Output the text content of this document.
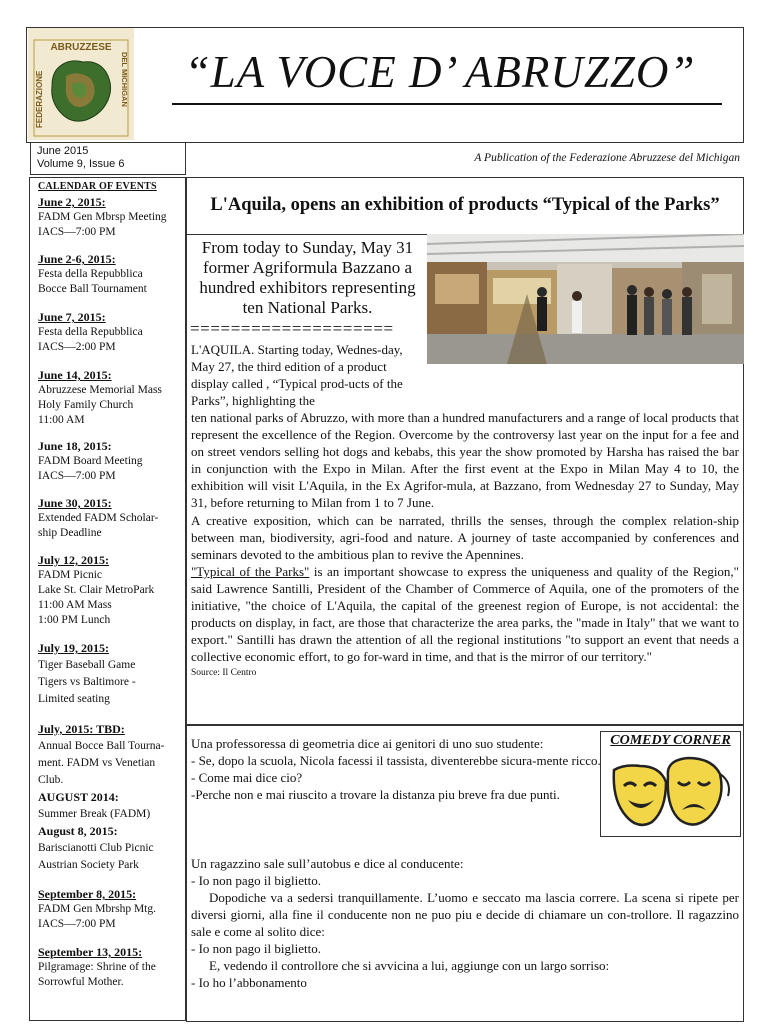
ABRUZZESE
FEDERAZIONE	DEL MICHIGAN	“LA VOCE D’ ABRUZZO”
June 2015
Volume 9, Issue 6	A Publication of the Federazione Abruzzese del Michigan
CALENDAR OF EVENTS
June 2, 2015:
FADM Gen Mbrsp Meeting
IACS—7:00 PM
June 2-6, 2015:
Festa della Repubblica
Bocce Ball Tournament
June 7, 2015:
Festa della Repubblica
IACS—2:00 PM
June 14, 2015:
Abruzzese Memorial Mass
Holy Family Church
11:00 AM
June 18, 2015:
FADM Board Meeting
IACS—7:00 PM
June 30, 2015:
Extended FADM Scholar-
ship Deadline
July 12, 2015:
FADM Picnic
Lake St. Clair MetroPark
11:00 AM Mass
1:00 PM Lunch
July 19, 2015:
Tiger Baseball Game
Tigers vs Baltimore -
Limited seating
July, 2015: TBD:
Annual Bocce Ball Tourna-
ment. FADM vs Venetian
Club.
AUGUST 2014:
Summer Break (FADM)
August 8, 2015:
Bariscianotti Club Picnic
Austrian Society Park
September 8, 2015:
FADM Gen Mbrshp Mtg.
IACS—7:00 PM
September 13, 2015:
Pilgramage: Shrine of the
Sorrowful Mother.
L'Aquila, opens an exhibition of products “Typical of the Parks”
From today to Sunday, May 31 former Agriformula Bazzano a hundred exhibitors representing ten National Parks.
====================
L'AQUILA. Starting today, Wednes-day, May 27, the third edition of a product display called , “Typical prod-ucts of the Parks”, highlighting the

ten national parks of Abruzzo, with more than a hundred manufacturers and a range of local products that represent the excellence of the Region. Overcome by the controversy last year on the input for a fee and on street vendors selling hot dogs and kebabs, this year the show promoted by Harsha has raised the bar in conjunction with the Expo in Milan. After the first event at the Expo in Milan May 4 to 10, the exhibition will visit L'Aquila, in the Ex Agrifor-mula, at Bazzano, from Wednesday 27 to Sunday, May 31, before returning to Milan from 1 to 7 June.

A creative exposition, which can be narrated, thrills the senses, through the complex relation-ship between man, biodiversity, agri-food and nature. A journey of taste accompanied by conferences and seminars devoted to the ambitious plan to revive the Apennines.

"Typical of the Parks" is an important showcase to express the uniqueness and quality of the Region," said Lawrence Santilli, President of the Chamber of Commerce of Aquila, one of the promoters of the initiative, "the choice of L'Aquila, the capital of the greenest region of Europe, is not accidental: the products on display, in fact, are those that characterize the area parks, the "made in Italy" that we want to export." Santilli has drawn the attention of all the regional institutions "to support an event that needs a collective economic effort, to go for-ward in time, and that is the mirror of our territory."

Source: Il Centro

COMEDY CORNER
Una professoressa di geometria dice ai genitori di uno suo studente:
- Se, dopo la scuola, Nicola facessi il tassista, diventerebbe sicura-mente ricco.
- Come mai dice cio?
-Perche non e mai riuscito a trovare la distanza piu breve fra due punti.
Un ragazzino sale sull’autobus e dice al conducente:
- Io non pago il biglietto.
Dopodiche va a sedersi tranquillamente. L’uomo e seccato ma lascia correre. La scena si ripete per diversi giorni, alla fine il conducente non ne puo piu e decide di chiamare un con-trollore. Il ragazzino sale e come al solito dice:
- Io non pago il biglietto.
E, vedendo il controllore che si avvicina a lui, aggiunge con un largo sorriso:
- Io ho l’abbonamento
